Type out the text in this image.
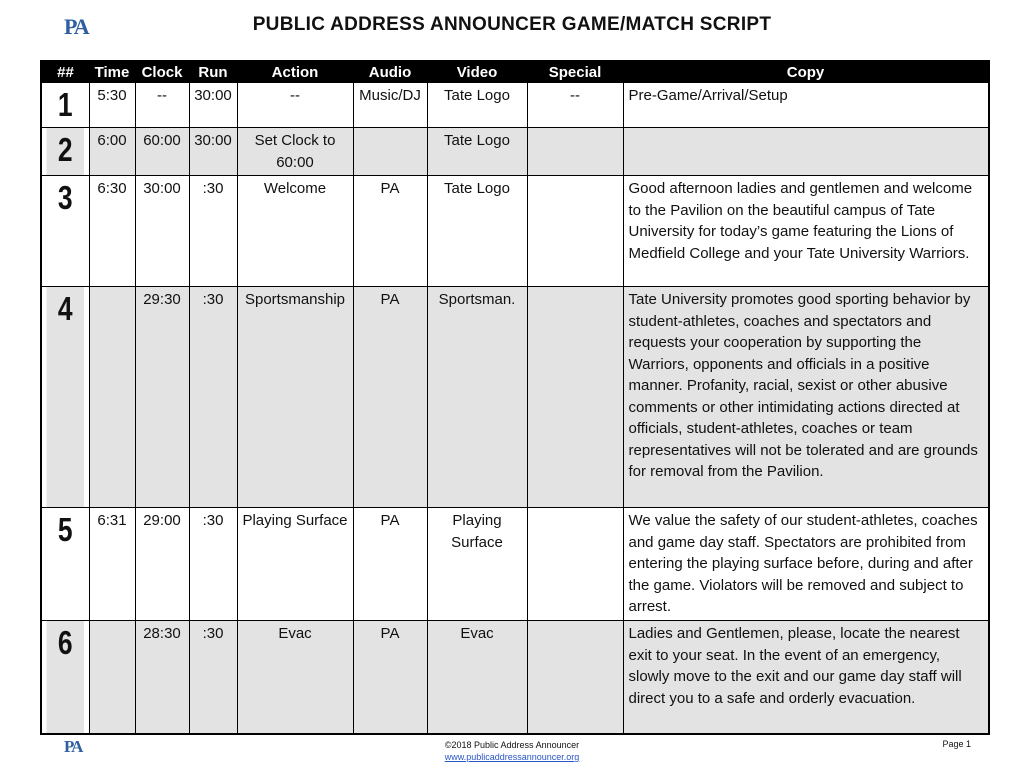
PA	PUBLIC ADDRESS ANNOUNCER GAME/MATCH SCRIPT
##	Time	Clock	Run	Action	Audio	Video	Special	Copy
1	5:30	--	30:00	--	Music/DJ	Tate Logo	--	Pre-Game/Arrival/Setup
2	6:00	60:00	30:00	Set Clock to 60:00		Tate Logo		
3	6:30	30:00	:30	Welcome	PA	Tate Logo		Good afternoon ladies and gentlemen and welcome to the Pavilion on the beautiful campus of Tate University for today’s game featuring the Lions of Medfield College and your Tate University Warriors.
4		29:30	:30	Sportsmanship	PA	Sportsman.		Tate University promotes good sporting behavior by student-athletes, coaches and spectators and requests your cooperation by supporting the Warriors, opponents and officials in a positive manner. Profanity, racial, sexist or other abusive comments or other intimidating actions directed at officials, student-athletes, coaches or team representatives will not be tolerated and are grounds for removal from the Pavilion.
5	6:31	29:00	:30	Playing Surface	PA	Playing Surface		We value the safety of our student-athletes, coaches and game day staff. Spectators are prohibited from entering the playing surface before, during and after the game. Violators will be removed and subject to arrest.
6		28:30	:30	Evac	PA	Evac		Ladies and Gentlemen, please, locate the nearest exit to your seat. In the event of an emergency, slowly move to the exit and our game day staff will direct you to a safe and orderly evacuation.
PA	©2018 Public Address Announcer
www.publicaddressannouncer.org
Page 1
